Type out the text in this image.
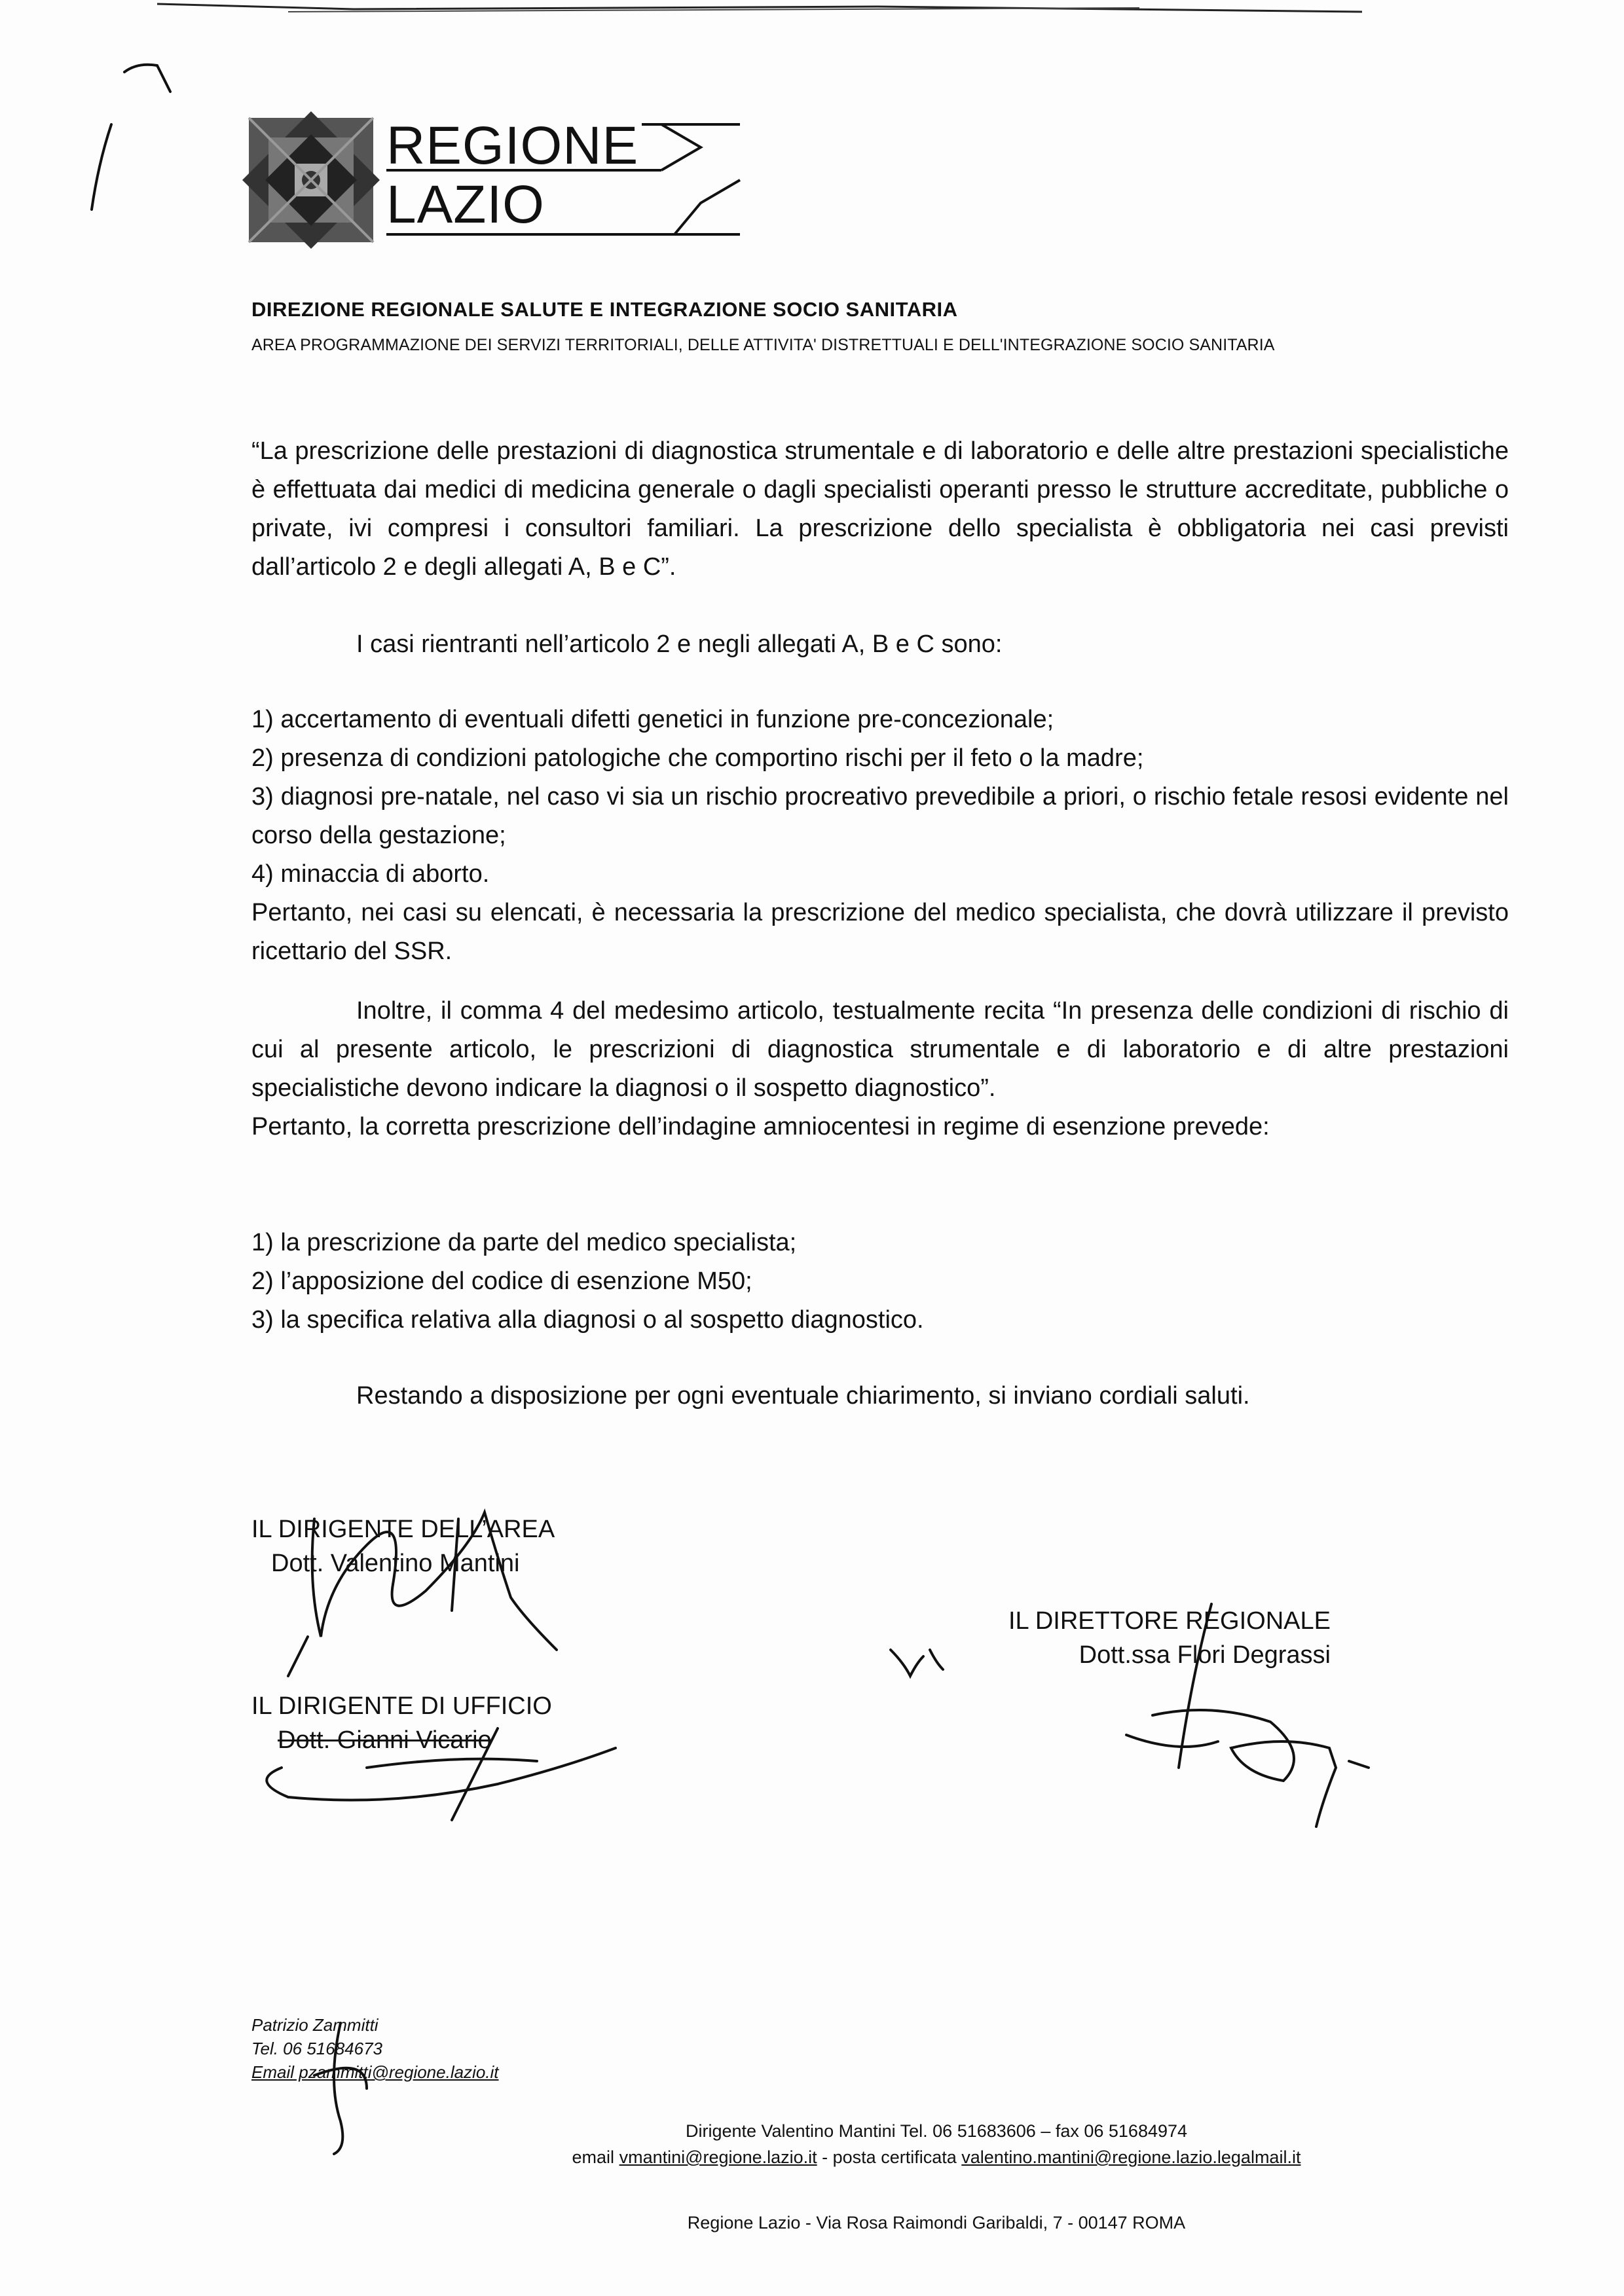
REGIONE
LAZIO
DIREZIONE REGIONALE SALUTE E INTEGRAZIONE SOCIO SANITARIA
AREA PROGRAMMAZIONE DEI SERVIZI TERRITORIALI, DELLE ATTIVITA' DISTRETTUALI E DELL'INTEGRAZIONE SOCIO SANITARIA

“La prescrizione delle prestazioni di diagnostica strumentale e di laboratorio e delle altre prestazioni specialistiche è effettuata dai medici di medicina generale o dagli specialisti operanti presso le strutture accreditate, pubbliche o private, ivi compresi i consultori familiari. La prescrizione dello specialista è obbligatoria nei casi previsti dall’articolo 2 e degli allegati A, B e C”.

I casi rientranti nell’articolo 2 e negli allegati A, B e C sono:

1) accertamento di eventuali difetti genetici in funzione pre-concezionale;

2) presenza di condizioni patologiche che comportino rischi per il feto o la madre;

3) diagnosi pre-natale, nel caso vi sia un rischio procreativo prevedibile a priori, o rischio fetale resosi evidente nel corso della gestazione;

4) minaccia di aborto.

Pertanto, nei casi su elencati, è necessaria la prescrizione del medico specialista, che dovrà utilizzare il previsto ricettario del SSR.

Inoltre, il comma 4 del medesimo articolo, testualmente recita “In presenza delle condizioni di rischio di cui al presente articolo, le prescrizioni di diagnostica strumentale e di laboratorio e di altre prestazioni specialistiche devono indicare la diagnosi o il sospetto diagnostico”.

Pertanto, la corretta prescrizione dell’indagine amniocentesi in regime di esenzione prevede:

1) la prescrizione da parte del medico specialista;

2) l’apposizione del codice di esenzione M50;

3) la specifica relativa alla diagnosi o al sospetto diagnostico.

Restando a disposizione per ogni eventuale chiarimento, si inviano cordiali saluti.

IL DIRIGENTE DELL’AREA
Dott. Valentino Mantini
IL DIRIGENTE DI UFFICIO
Dott. Gianni Vicario
IL DIRETTORE REGIONALE
Dott.ssa Flori Degrassi
Patrizio Zammitti
Tel. 06 51684673
Email pzammitti@regione.lazio.it
Dirigente Valentino Mantini Tel. 06 51683606 – fax 06 51684974
email vmantini@regione.lazio.it - posta certificata valentino.mantini@regione.lazio.legalmail.it
Regione Lazio - Via Rosa Raimondi Garibaldi, 7 - 00147 ROMA
